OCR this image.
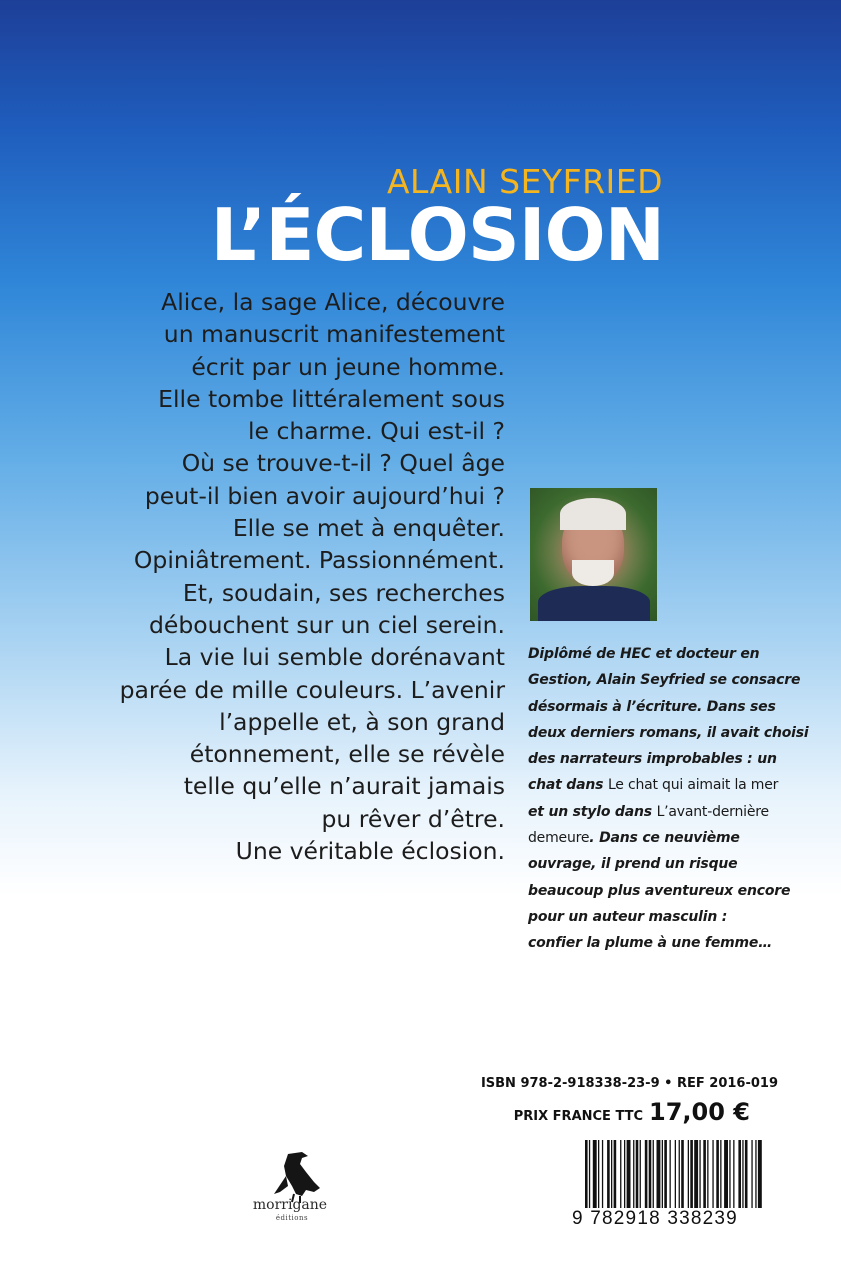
ALAIN SEYFRIED
L’ÉCLOSION
Alice, la sage Alice, découvre
un manuscrit manifestement
écrit par un jeune homme.
Elle tombe littéralement sous
le charme. Qui est-il ?
Où se trouve-t-il ? Quel âge
peut-il bien avoir aujourd’hui ?
Elle se met à enquêter.
Opiniâtrement. Passionnément.
Et, soudain, ses recherches
débouchent sur un ciel serein.
La vie lui semble dorénavant
parée de mille couleurs. L’avenir
l’appelle et, à son grand
étonnement, elle se révèle
telle qu’elle n’aurait jamais
pu rêver d’être.
Une véritable éclosion.
Diplômé de HEC et docteur en
Gestion, Alain Seyfried se consacre
désormais à l’écriture. Dans ses
deux derniers romans, il avait choisi
des narrateurs improbables : un
chat dans Le chat qui aimait la mer
et un stylo dans L’avant-dernière
demeure. Dans ce neuvième
ouvrage, il prend un risque
beaucoup plus aventureux encore
pour un auteur masculin :
confier la plume à une femme…
ISBN 978-2-918338-23-9 • REF 2016-019
PRIX FRANCE TTC 17,00 €
9 782918 338239
morrigane
éditions
